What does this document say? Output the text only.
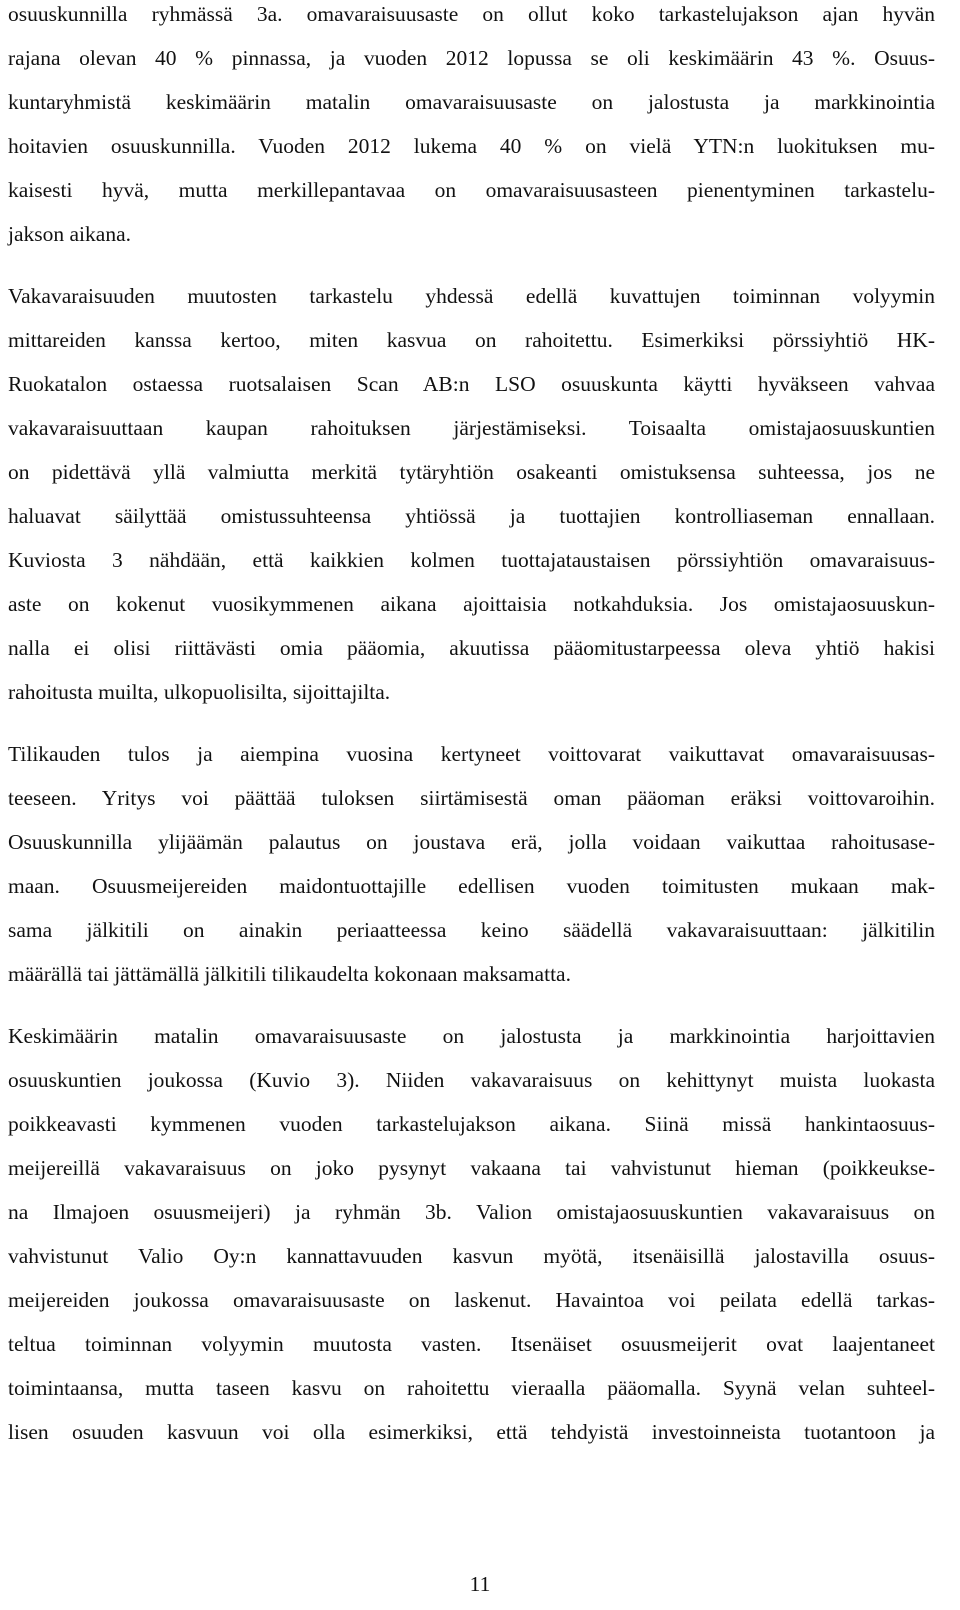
osuuskunnilla ryhmässä 3a. omavaraisuusaste on ollut koko tarkastelujakson ajan hyvän
rajana olevan 40 % pinnassa, ja vuoden 2012 lopussa se oli keskimäärin 43 %. Osuus-
kuntaryhmistä keskimäärin matalin omavaraisuusaste on jalostusta ja markkinointia
hoitavien osuuskunnilla. Vuoden 2012 lukema 40 % on vielä YTN:n luokituksen mu-
kaisesti hyvä, mutta merkillepantavaa on omavaraisuusasteen pienentyminen tarkastelu-
jakson aikana.
Vakavaraisuuden muutosten tarkastelu yhdessä edellä kuvattujen toiminnan volyymin
mittareiden kanssa kertoo, miten kasvua on rahoitettu. Esimerkiksi pörssiyhtiö HK-
Ruokatalon ostaessa ruotsalaisen Scan AB:n LSO osuuskunta käytti hyväkseen vahvaa
vakavaraisuuttaan kaupan rahoituksen järjestämiseksi. Toisaalta omistajaosuuskuntien
on pidettävä yllä valmiutta merkitä tytäryhtiön osakeanti omistuksensa suhteessa, jos ne
haluavat säilyttää omistussuhteensa yhtiössä ja tuottajien kontrolliaseman ennallaan.
Kuviosta 3 nähdään, että kaikkien kolmen tuottajataustaisen pörssiyhtiön omavaraisuus-
aste on kokenut vuosikymmenen aikana ajoittaisia notkahduksia. Jos omistajaosuuskun-
nalla ei olisi riittävästi omia pääomia, akuutissa pääomitustarpeessa oleva yhtiö hakisi
rahoitusta muilta, ulkopuolisilta, sijoittajilta.
Tilikauden tulos ja aiempina vuosina kertyneet voittovarat vaikuttavat omavaraisuusas-
teeseen. Yritys voi päättää tuloksen siirtämisestä oman pääoman eräksi voittovaroihin.
Osuuskunnilla ylijäämän palautus on joustava erä, jolla voidaan vaikuttaa rahoitusase-
maan. Osuusmeijereiden maidontuottajille edellisen vuoden toimitusten mukaan mak-
sama jälkitili on ainakin periaatteessa keino säädellä vakavaraisuuttaan: jälkitilin
määrällä tai jättämällä jälkitili tilikaudelta kokonaan maksamatta.
Keskimäärin matalin omavaraisuusaste on jalostusta ja markkinointia harjoittavien
osuuskuntien joukossa (Kuvio 3). Niiden vakavaraisuus on kehittynyt muista luokasta
poikkeavasti kymmenen vuoden tarkastelujakson aikana. Siinä missä hankintaosuus-
meijereillä vakavaraisuus on joko pysynyt vakaana tai vahvistunut hieman (poikkeukse-
na Ilmajoen osuusmeijeri) ja ryhmän 3b. Valion omistajaosuuskuntien vakavaraisuus on
vahvistunut Valio Oy:n kannattavuuden kasvun myötä, itsenäisillä jalostavilla osuus-
meijereiden joukossa omavaraisuusaste on laskenut. Havaintoa voi peilata edellä tarkas-
teltua toiminnan volyymin muutosta vasten. Itsenäiset osuusmeijerit ovat laajentaneet
toimintaansa, mutta taseen kasvu on rahoitettu vieraalla pääomalla. Syynä velan suhteel-
lisen osuuden kasvuun voi olla esimerkiksi, että tehdyistä investoinneista tuotantoon ja
11
